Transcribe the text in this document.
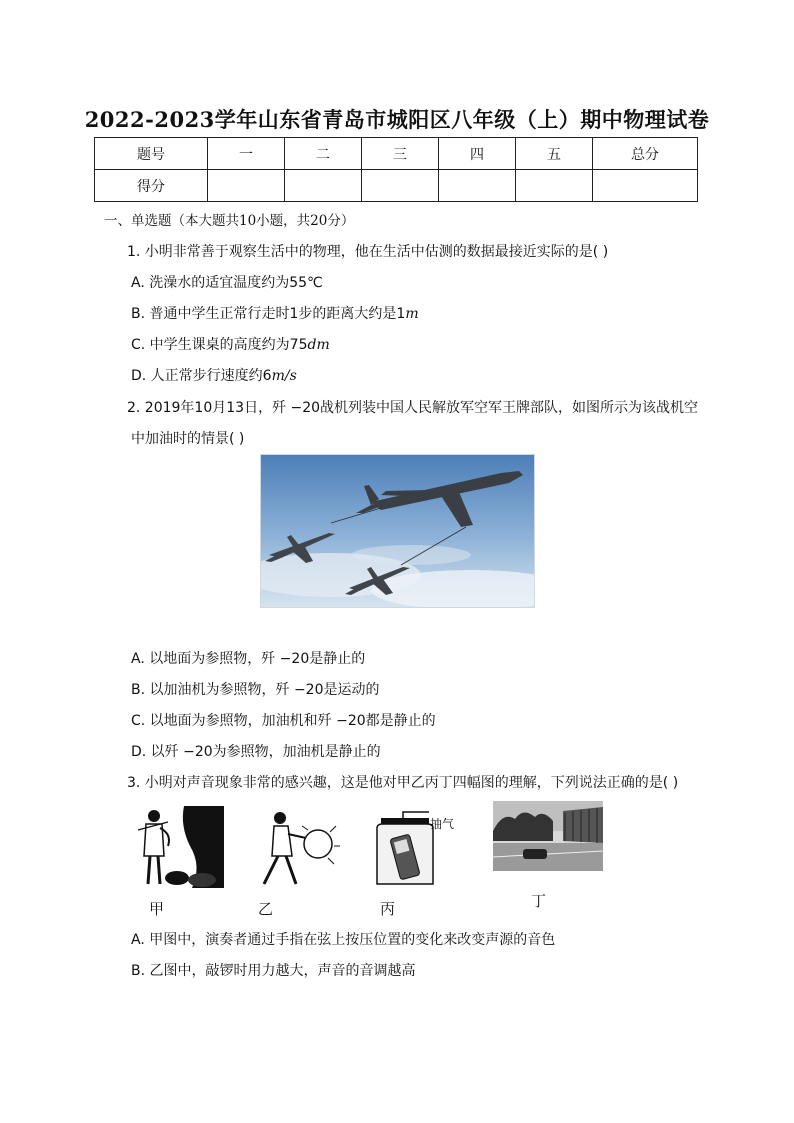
2022-2023学年山东省青岛市城阳区八年级（上）期中物理试卷
题号	一	二	三	四	五	总分
得分						
一、单选题（本大题共10小题，共20分）
1. 小明非常善于观察生活中的物理，他在生活中估测的数据最接近实际的是( )
A. 洗澡水的适宜温度约为55℃
B. 普通中学生正常行走时1步的距离大约是1m
C. 中学生课桌的高度约为75dm
D. 人正常步行速度约6m/s
2. 2019年10月13日，歼 −20战机列装中国人民解放军空军王牌部队，如图所示为该战机空
中加油时的情景( )
A. 以地面为参照物，歼 −20是静止的
B. 以加油机为参照物，歼 −20是运动的
C. 以地面为参照物，加油机和歼 −20都是静止的
D. 以歼 −20为参照物，加油机是静止的
3. 小明对声音现象非常的感兴趣，这是他对甲乙丙丁四幅图的理解，下列说法正确的是( )
甲	乙
抽气
丙	丁
A. 甲图中，演奏者通过手指在弦上按压位置的变化来改变声源的音色
B. 乙图中，敲锣时用力越大，声音的音调越高
